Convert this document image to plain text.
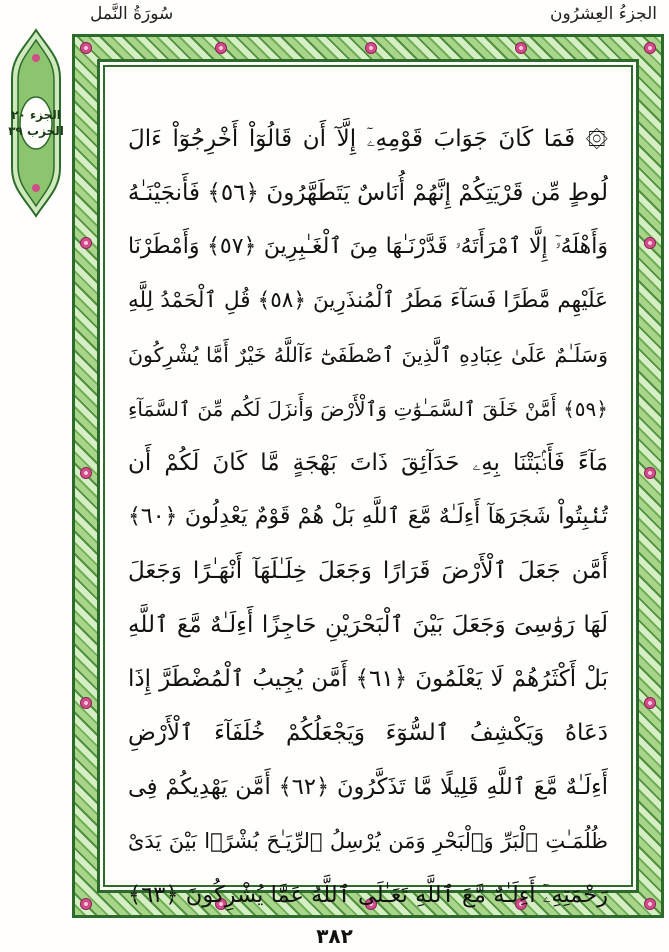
الجزءُ العِشرُون
سُورَةُ النَّمل
الجزء ٢٠
الحزب ٣٩	۞ فَمَا كَانَ جَوَابَ قَوْمِهِۦٓ إِلَّآ أَن قَالُوٓاْ أَخْرِجُوٓاْ ءَالَ
لُوطٍ مِّن قَرْيَتِكُمْ إِنَّهُمْ أُنَاسٌ يَتَطَهَّرُونَ ﴿٥٦﴾ فَأَنجَيْنَـٰهُ
وَأَهْلَهُۥٓ إِلَّا ٱمْرَأَتَهُۥ قَدَّرْنَـٰهَا مِنَ ٱلْغَـٰبِرِينَ ﴿٥٧﴾ وَأَمْطَرْنَا
عَلَيْهِم مَّطَرًا فَسَآءَ مَطَرُ ٱلْمُنذَرِينَ ﴿٥٨﴾ قُلِ ٱلْحَمْدُ لِلَّهِ
وَسَلَـٰمٌ عَلَىٰ عِبَادِهِ ٱلَّذِينَ ٱصْطَفَىٰٓ ءَآللَّهُ خَيْرٌ أَمَّا يُشْرِكُونَ
﴿٥٩﴾ أَمَّنْ خَلَقَ ٱلسَّمَـٰوَٰتِ وَٱلْأَرْضَ وَأَنزَلَ لَكُم مِّنَ ٱلسَّمَآءِ
مَآءً فَأَنۢبَتْنَا بِهِۦ حَدَآئِقَ ذَاتَ بَهْجَةٍ مَّا كَانَ لَكُمْ أَن
تُنۢبِتُواْ شَجَرَهَآ أَءِلَـٰهٌ مَّعَ ٱللَّهِ بَلْ هُمْ قَوْمٌ يَعْدِلُونَ ﴿٦٠﴾
أَمَّن جَعَلَ ٱلْأَرْضَ قَرَارًا وَجَعَلَ خِلَـٰلَهَآ أَنْهَـٰرًا وَجَعَلَ
لَهَا رَوَٰسِىَ وَجَعَلَ بَيْنَ ٱلْبَحْرَيْنِ حَاجِزًا أَءِلَـٰهٌ مَّعَ ٱللَّهِ
بَلْ أَكْثَرُهُمْ لَا يَعْلَمُونَ ﴿٦١﴾ أَمَّن يُجِيبُ ٱلْمُضْطَرَّ إِذَا
دَعَاهُ وَيَكْشِفُ ٱلسُّوٓءَ وَيَجْعَلُكُمْ خُلَفَآءَ ٱلْأَرْضِ
أَءِلَـٰهٌ مَّعَ ٱللَّهِ قَلِيلًا مَّا تَذَكَّرُونَ ﴿٦٢﴾ أَمَّن يَهْدِيكُمْ فِى
ظُلُمَـٰتِ ٱلْبَرِّ وَٱلْبَحْرِ وَمَن يُرْسِلُ ٱلرِّيَـٰحَ بُشْرًۢا بَيْنَ يَدَىْ
رَحْمَتِهِۦٓ أَءِلَـٰهٌ مَّعَ ٱللَّهِ تَعَـٰلَى ٱللَّهُ عَمَّا يُشْرِكُونَ ﴿٦٣﴾
٣٨٢
